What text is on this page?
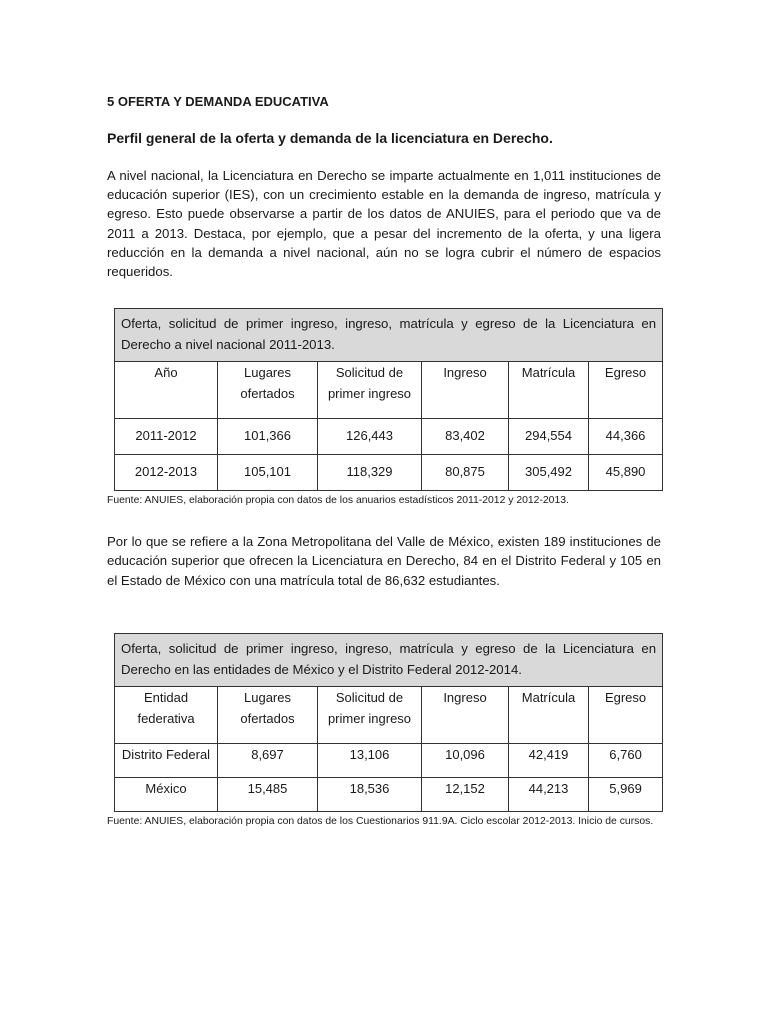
5 OFERTA Y DEMANDA EDUCATIVA

Perfil general de la oferta y demanda de la licenciatura en Derecho.

A nivel nacional, la Licenciatura en Derecho se imparte actualmente en 1,011 instituciones de educación superior (IES), con un crecimiento estable en la demanda de ingreso, matrícula y egreso. Esto puede observarse a partir de los datos de ANUIES, para el periodo que va de 2011 a 2013. Destaca, por ejemplo, que a pesar del incremento de la oferta, y una ligera reducción en la demanda a nivel nacional, aún no se logra cubrir el número de espacios requeridos.

Oferta, solicitud de primer ingreso, ingreso, matrícula y egreso de la Licenciatura en Derecho a nivel nacional 2011-2013.					
Año	Lugares ofertados	Solicitud de primer ingreso	Ingreso	Matrícula	Egreso
2011-2012	101,366	126,443	83,402	294,554	44,366
2012-2013	105,101	118,329	80,875	305,492	45,890

Fuente: ANUIES, elaboración propia con datos de los anuarios estadísticos 2011-2012 y 2012-2013.

Por lo que se refiere a la Zona Metropolitana del Valle de México, existen 189 instituciones de educación superior que ofrecen la Licenciatura en Derecho, 84 en el Distrito Federal y 105 en el Estado de México con una matrícula total de 86,632 estudiantes.

Oferta, solicitud de primer ingreso, ingreso, matrícula y egreso de la Licenciatura en Derecho en las entidades de México y el Distrito Federal 2012-2014.					
Entidad federativa	Lugares ofertados	Solicitud de primer ingreso	Ingreso	Matrícula	Egreso
Distrito Federal	8,697	13,106	10,096	42,419	6,760
México	15,485	18,536	12,152	44,213	5,969

Fuente: ANUIES, elaboración propia con datos de los Cuestionarios 911.9A. Ciclo escolar 2012-2013. Inicio de cursos.
